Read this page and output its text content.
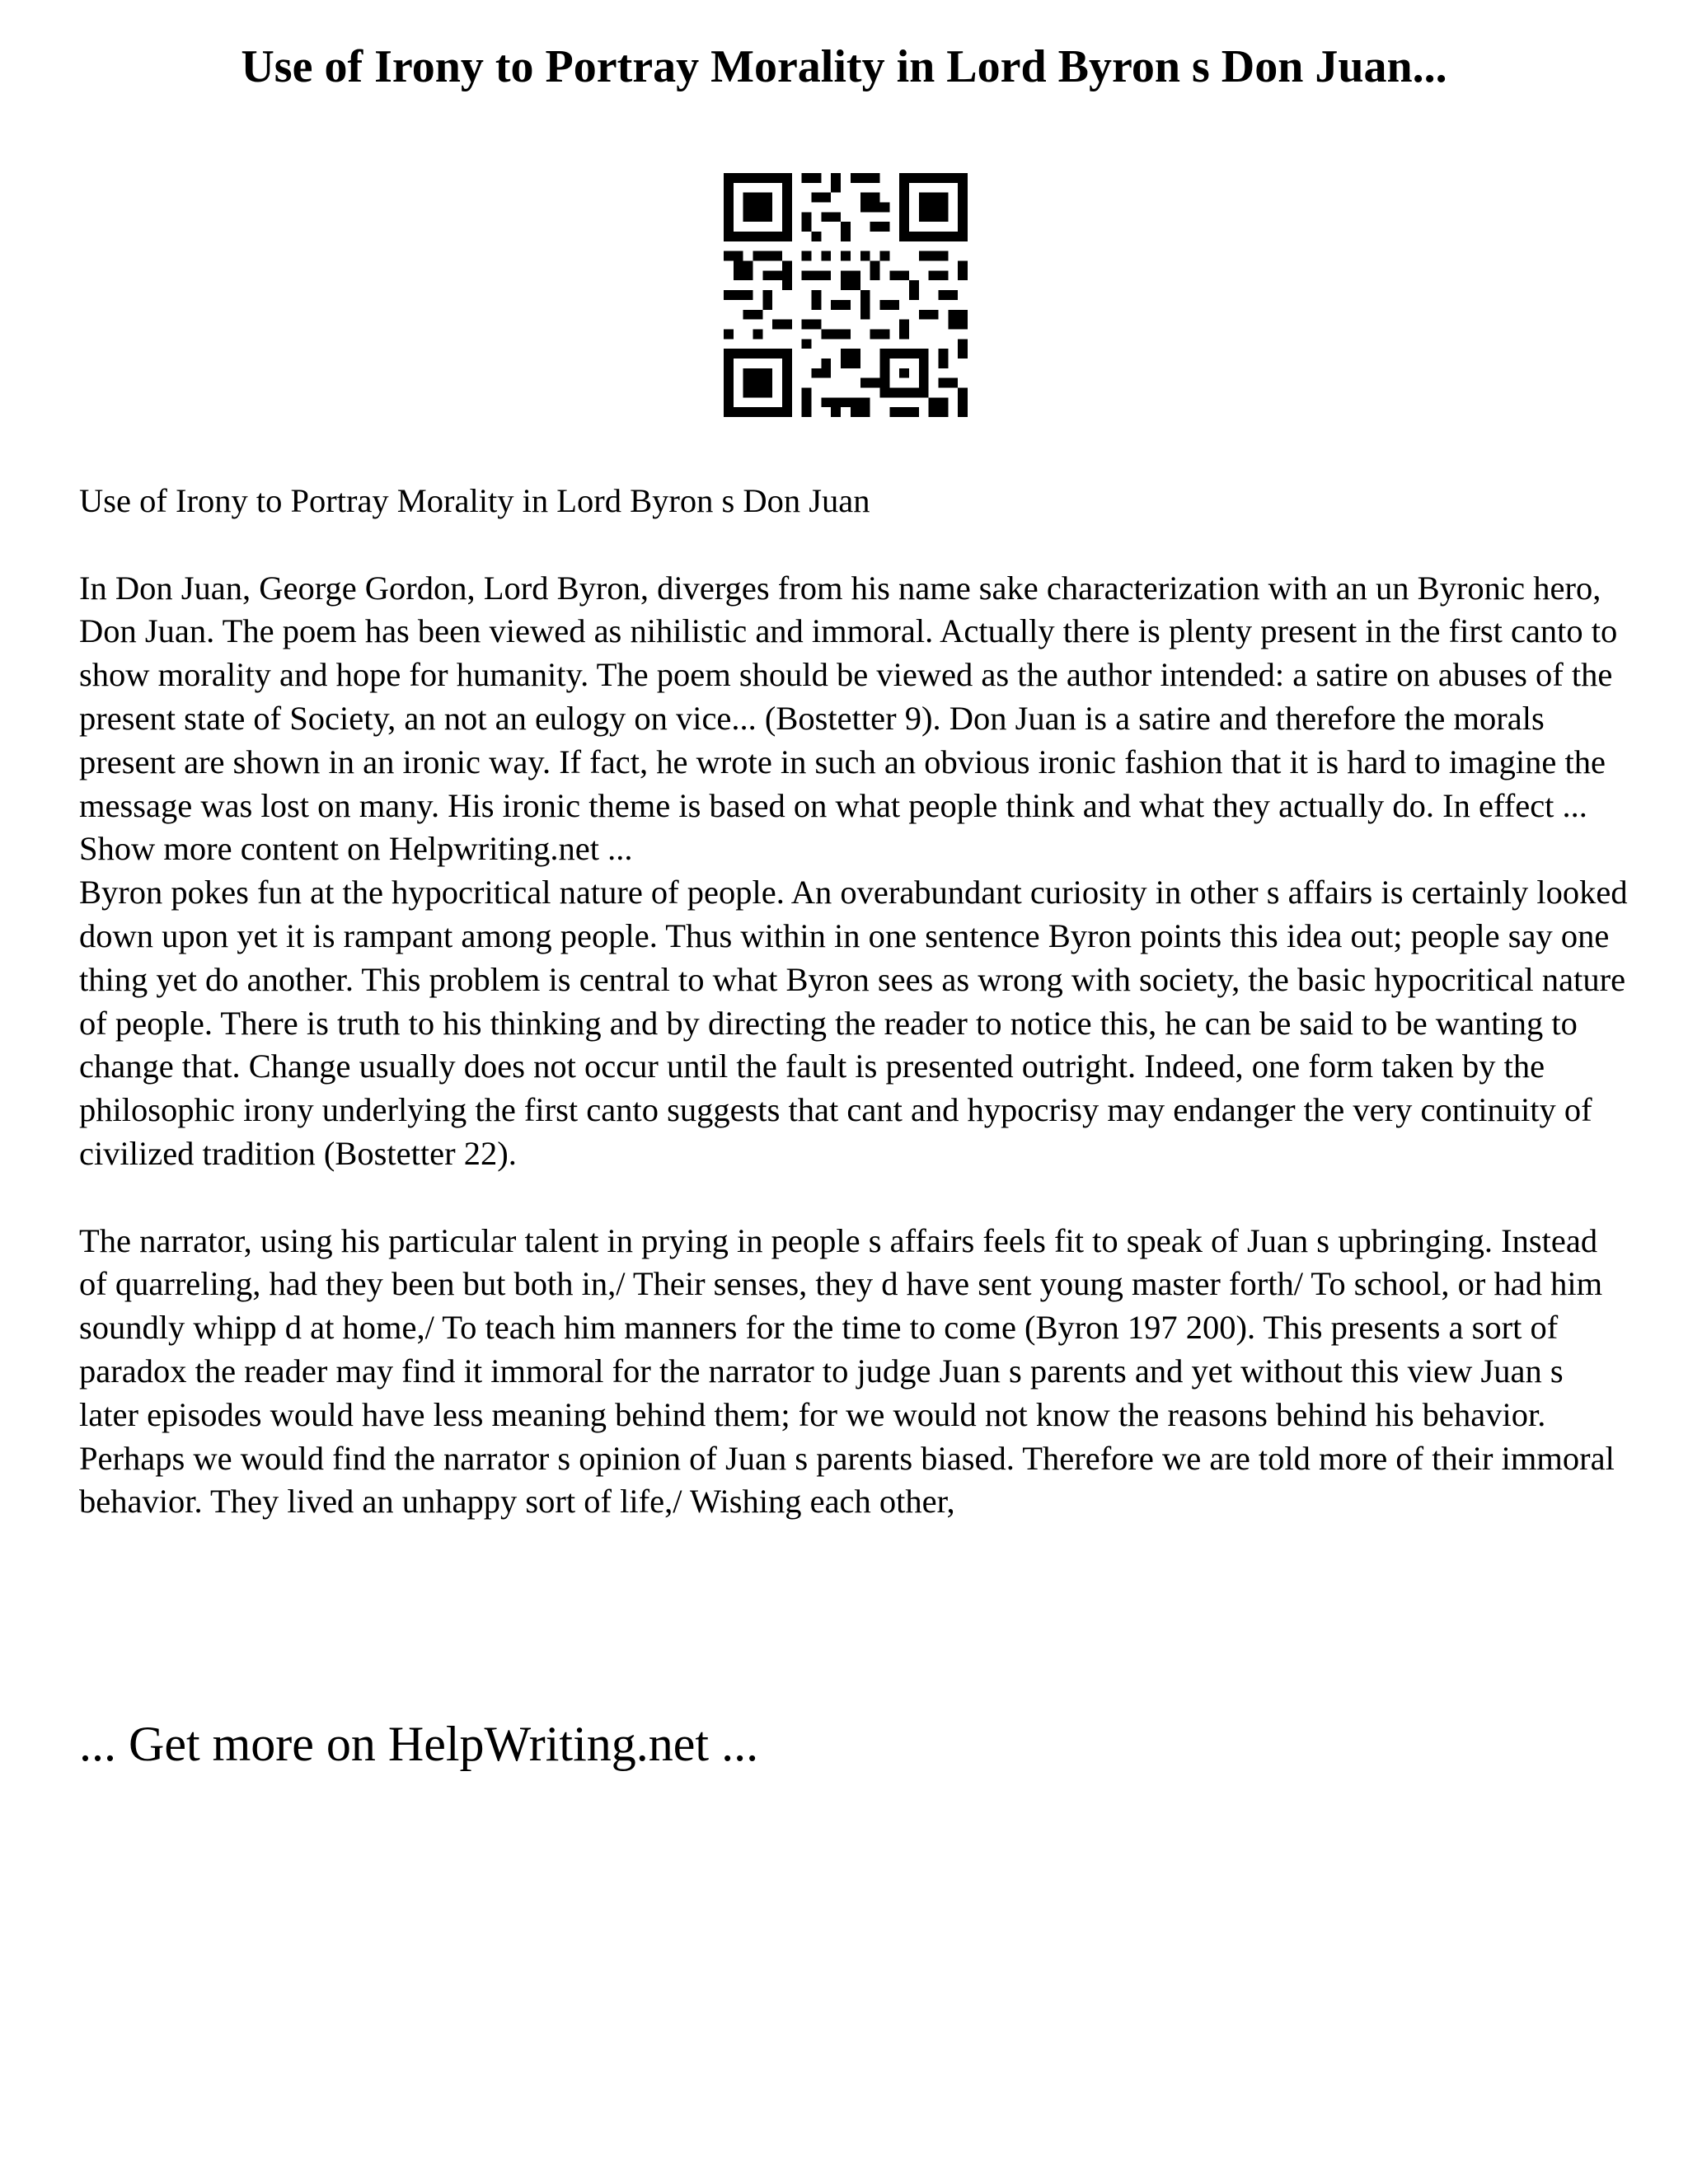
Use of Irony to Portray Morality in Lord Byron s Don Juan...

Use of Irony to Portray Morality in Lord Byron s Don Juan

In Don Juan, George Gordon, Lord Byron, diverges from his name sake characterization with an un Byronic hero, Don Juan. The poem has been viewed as nihilistic and immoral. Actually there is plenty present in the first canto to show morality and hope for humanity. The poem should be viewed as the author intended: a satire on abuses of the present state of Society, an not an eulogy on vice... (Bostetter 9). Don Juan is a satire and therefore the morals present are shown in an ironic way. If fact, he wrote in such an obvious ironic fashion that it is hard to imagine the message was lost on many. His ironic theme is based on what people think and what they actually do. In effect ... Show more content on Helpwriting.net ...

Byron pokes fun at the hypocritical nature of people. An overabundant curiosity in other s affairs is certainly looked down upon yet it is rampant among people. Thus within in one sentence Byron points this idea out; people say one thing yet do another. This problem is central to what Byron sees as wrong with society, the basic hypocritical nature of people. There is truth to his thinking and by directing the reader to notice this, he can be said to be wanting to change that. Change usually does not occur until the fault is presented outright. Indeed, one form taken by the philosophic irony underlying the first canto suggests that cant and hypocrisy may endanger the very continuity of civilized tradition (Bostetter 22).

The narrator, using his particular talent in prying in people s affairs feels fit to speak of Juan s upbringing. Instead of quarreling, had they been but both in,/ Their senses, they d have sent young master forth/ To school, or had him soundly whipp d at home,/ To teach him manners for the time to come (Byron 197 200). This presents a sort of paradox the reader may find it immoral for the narrator to judge Juan s parents and yet without this view Juan s later episodes would have less meaning behind them; for we would not know the reasons behind his behavior. Perhaps we would find the narrator s opinion of Juan s parents biased. Therefore we are told more of their immoral behavior. They lived an unhappy sort of life,/ Wishing each other,

... Get more on HelpWriting.net ...
